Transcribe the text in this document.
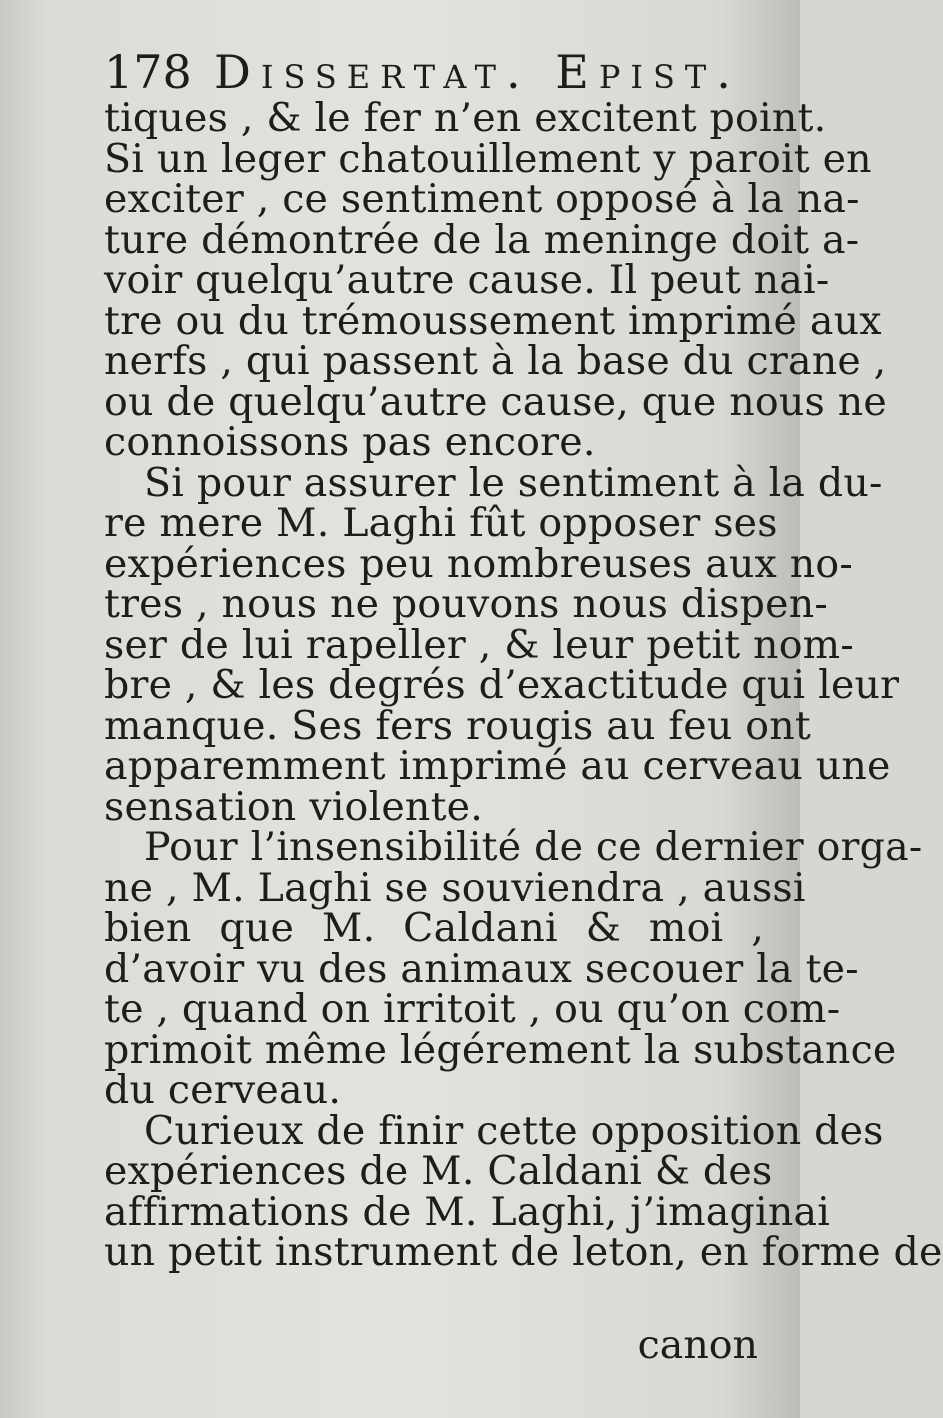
178 Dissertat. Epist.
tiques , & le fer n’en excitent point.
Si un leger chatouillement y paroit en
exciter , ce sentiment opposé à la na-
ture démontrée de la meninge doit a-
voir quelqu’autre cause. Il peut nai-
tre ou du trémoussement imprimé aux
nerfs , qui passent à la base du crane ,
ou de quelqu’autre cause, que nous ne
connoissons pas encore.
Si pour assurer le sentiment à la du-
re mere M. Laghi fût opposer ses
expériences peu nombreuses aux no-
tres , nous ne pouvons nous dispen-
ser de lui rapeller , & leur petit nom-
bre , & les degrés d’exactitude qui leur
manque. Ses fers rougis au feu ont
apparemment imprimé au cerveau une
sensation violente.
Pour l’insensibilité de ce dernier orga-
ne , M. Laghi se souviendra , aussi
bien que M. Caldani & moi ,
d’avoir vu des animaux secouer la te-
te , quand on irritoit , ou qu’on com-
primoit même légérement la substance
du cerveau.
Curieux de finir cette opposition des
expériences de M. Caldani & des
affirmations de M. Laghi, j’imaginai
un petit instrument de leton, en forme de
canon
